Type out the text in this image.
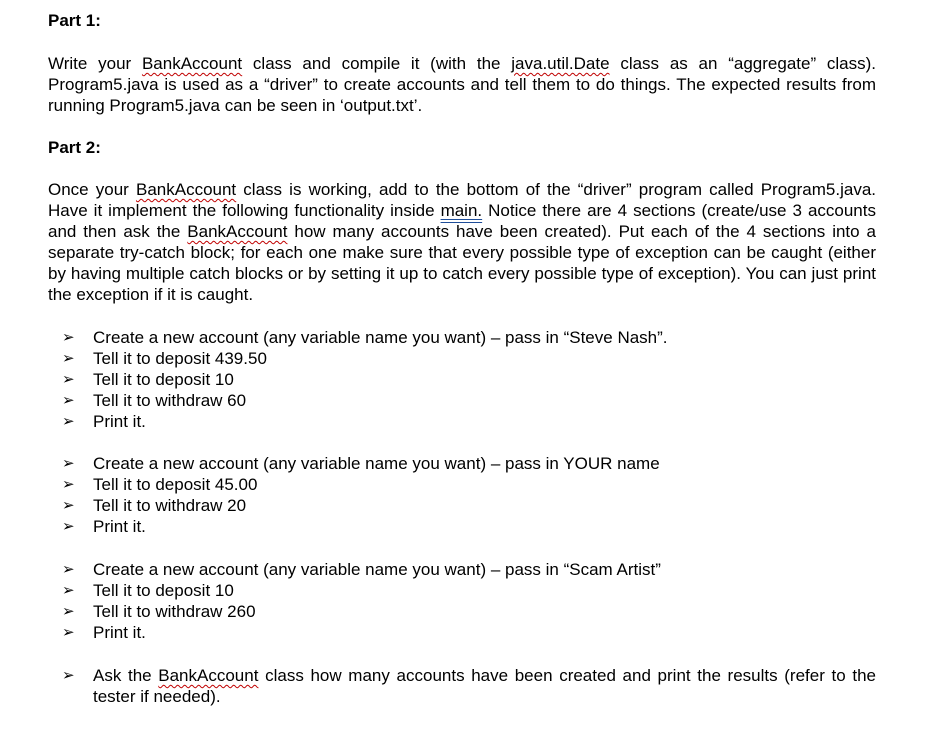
Part 1:

Write your BankAccount class and compile it (with the java.util.Date class as an “aggregate” class). Program5.java is used as a “driver” to create accounts and tell them to do things. The expected results from running Program5.java can be seen in ‘output.txt’.

Part 2:

Once your BankAccount class is working, add to the bottom of the “driver” program called Program5.java. Have it implement the following functionality inside main. Notice there are 4 sections (create/use 3 accounts and then ask the BankAccount how many accounts have been created). Put each of the 4 sections into a separate try-catch block; for each one make sure that every possible type of exception can be caught (either by having multiple catch blocks or by setting it up to catch every possible type of exception). You can just print the exception if it is caught.

➢ Create a new account (any variable name you want) – pass in “Steve Nash”.
➢ Tell it to deposit 439.50
➢ Tell it to deposit 10
➢ Tell it to withdraw 60
➢ Print it.
➢ Create a new account (any variable name you want) – pass in YOUR name
➢ Tell it to deposit 45.00
➢ Tell it to withdraw 20
➢ Print it.
➢ Create a new account (any variable name you want) – pass in “Scam Artist”
➢ Tell it to deposit 10
➢ Tell it to withdraw 260
➢ Print it.
➢ Ask the BankAccount class how many accounts have been created and print the results (refer to the tester if needed).
